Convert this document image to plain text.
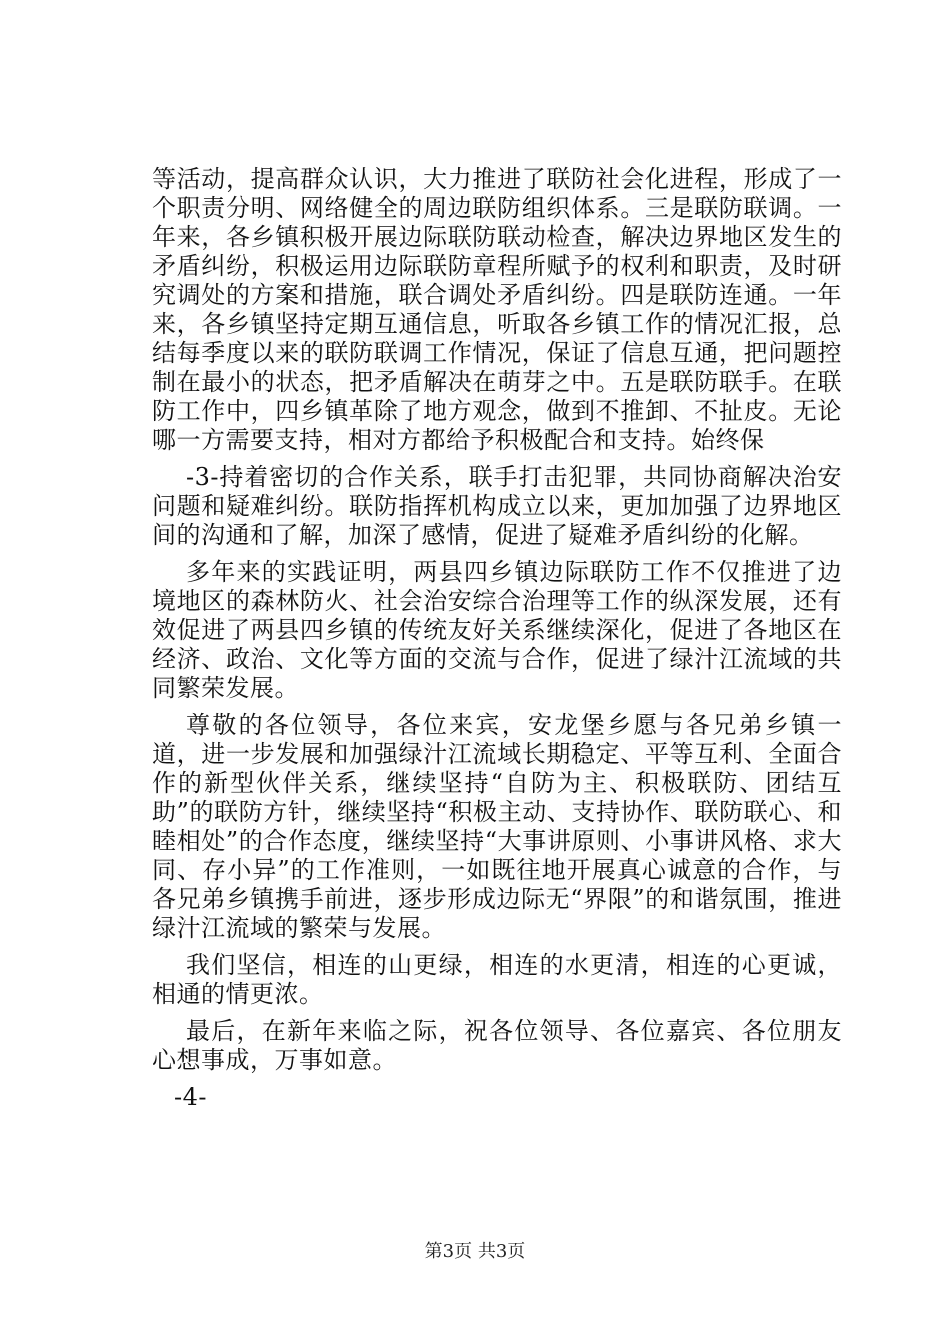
等活动，提高群众认识，大力推进了联防社会化进程，形成了一个职责分明、网络健全的周边联防组织体系。三是联防联调。一年来，各乡镇积极开展边际联防联动检查，解决边界地区发生的矛盾纠纷，积极运用边际联防章程所赋予的权利和职责，及时研究调处的方案和措施，联合调处矛盾纠纷。四是联防连通。一年来，各乡镇坚持定期互通信息，听取各乡镇工作的情况汇报，总结每季度以来的联防联调工作情况，保证了信息互通，把问题控制在最小的状态，把矛盾解决在萌芽之中。五是联防联手。在联防工作中，四乡镇革除了地方观念，做到不推卸、不扯皮。无论哪一方需要支持，相对方都给予积极配合和支持。始终保

-3-持着密切的合作关系，联手打击犯罪，共同协商解决治安问题和疑难纠纷。联防指挥机构成立以来，更加加强了边界地区间的沟通和了解，加深了感情，促进了疑难矛盾纠纷的化解。

多年来的实践证明，两县四乡镇边际联防工作不仅推进了边境地区的森林防火、社会治安综合治理等工作的纵深发展，还有效促进了两县四乡镇的传统友好关系继续深化，促进了各地区在经济、政治、文化等方面的交流与合作，促进了绿汁江流域的共同繁荣发展。

尊敬的各位领导，各位来宾，安龙堡乡愿与各兄弟乡镇一道，进一步发展和加强绿汁江流域长期稳定、平等互利、全面合作的新型伙伴关系，继续坚持“自防为主、积极联防、团结互助”的联防方针，继续坚持“积极主动、支持协作、联防联心、和睦相处”的合作态度，继续坚持“大事讲原则、小事讲风格、求大同、存小异”的工作准则，一如既往地开展真心诚意的合作，与各兄弟乡镇携手前进，逐步形成边际无“界限”的和谐氛围，推进绿汁江流域的繁荣与发展。

我们坚信，相连的山更绿，相连的水更清，相连的心更诚，相通的情更浓。

最后，在新年来临之际，祝各位领导、各位嘉宾、各位朋友心想事成，万事如意。

-4-

第3页 共3页
